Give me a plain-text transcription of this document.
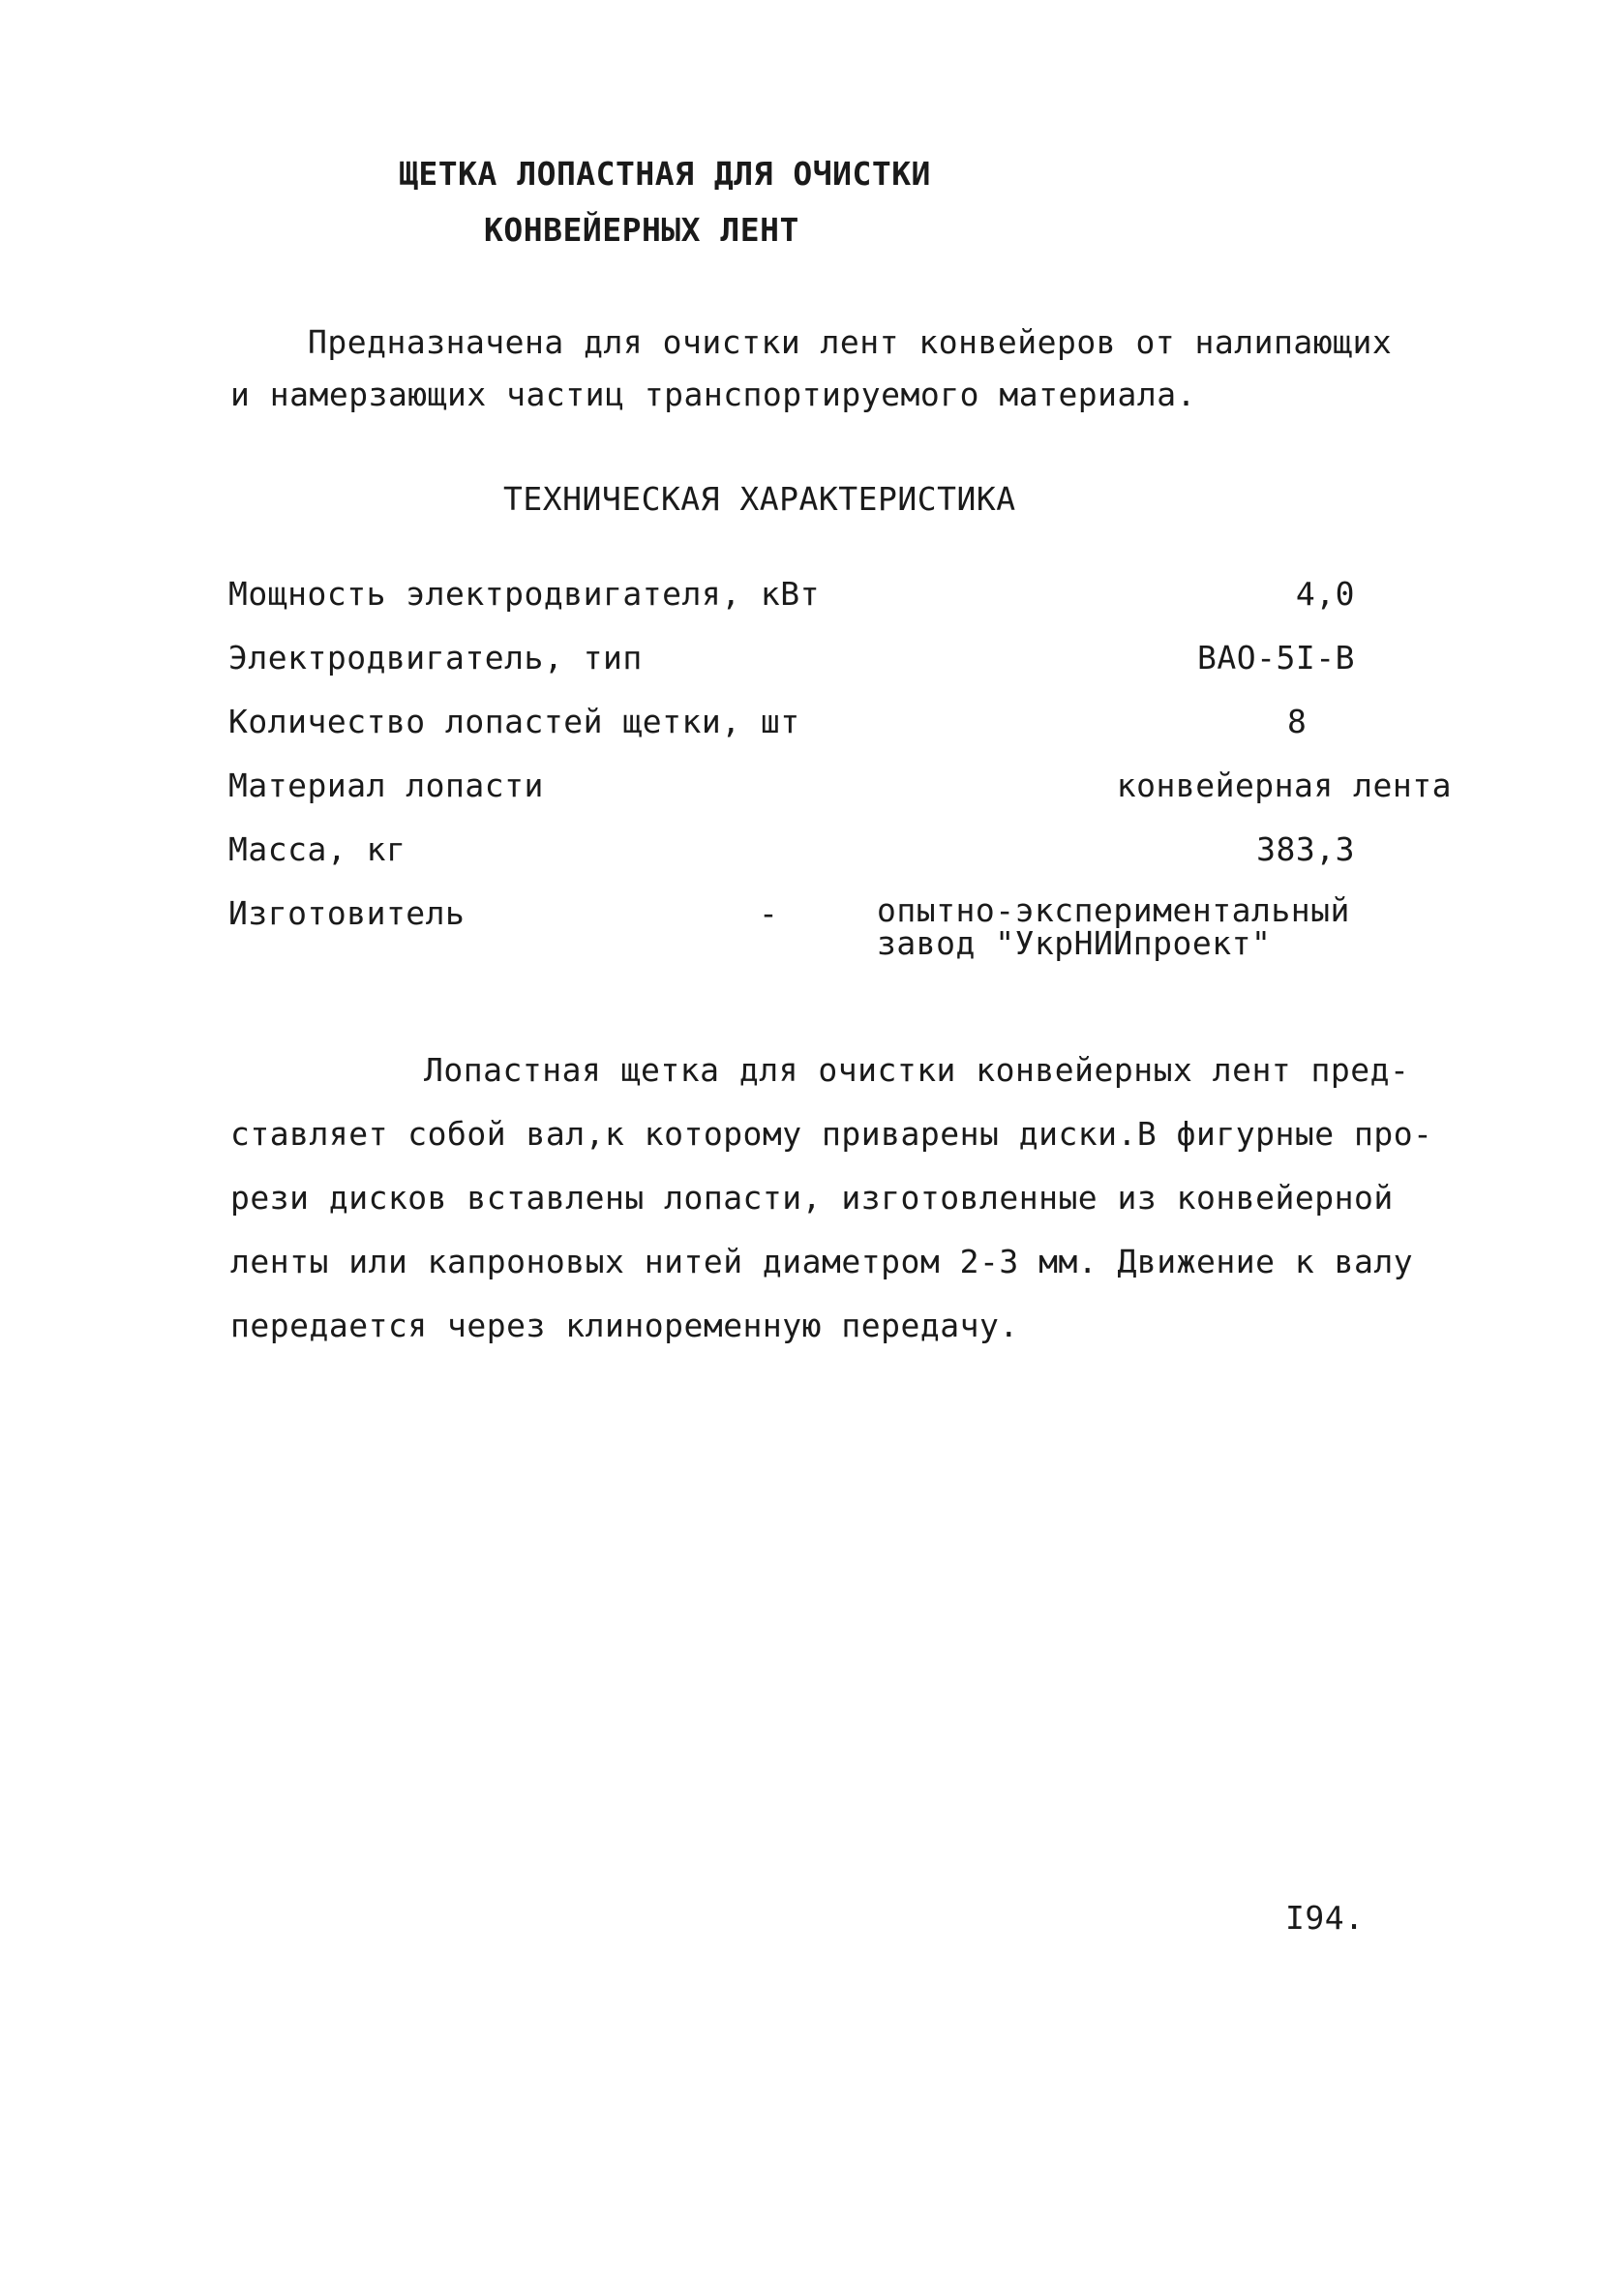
ЩЕТКА ЛОПАСТНАЯ ДЛЯ ОЧИСТКИ
КОНВЕЙЕРНЫХ ЛЕНТ
Предназначена для очистки лент конвейеров от налипающих
и намерзающих частиц транспортируемого материала.
ТЕХНИЧЕСКАЯ ХАРАКТЕРИСТИКА
Мощность электродвигателя, кВт	4,0
Электродвигатель, тип	ВАО-5I-В
Количество лопастей щетки, шт	8
Материал лопасти	конвейерная лента
Масса, кг	383,3
Изготовитель	-	опытно-экспериментальный
завод "УкрНИИпроект"
Лопастная щетка для очистки конвейерных лент пред-
ставляет собой вал,к которому приварены диски.В фигурные про-
рези дисков вставлены лопасти, изготовленные из конвейерной
ленты или капроновых нитей диаметром 2-3 мм. Движение к валу
передается через клиноременную передачу.
I94.
